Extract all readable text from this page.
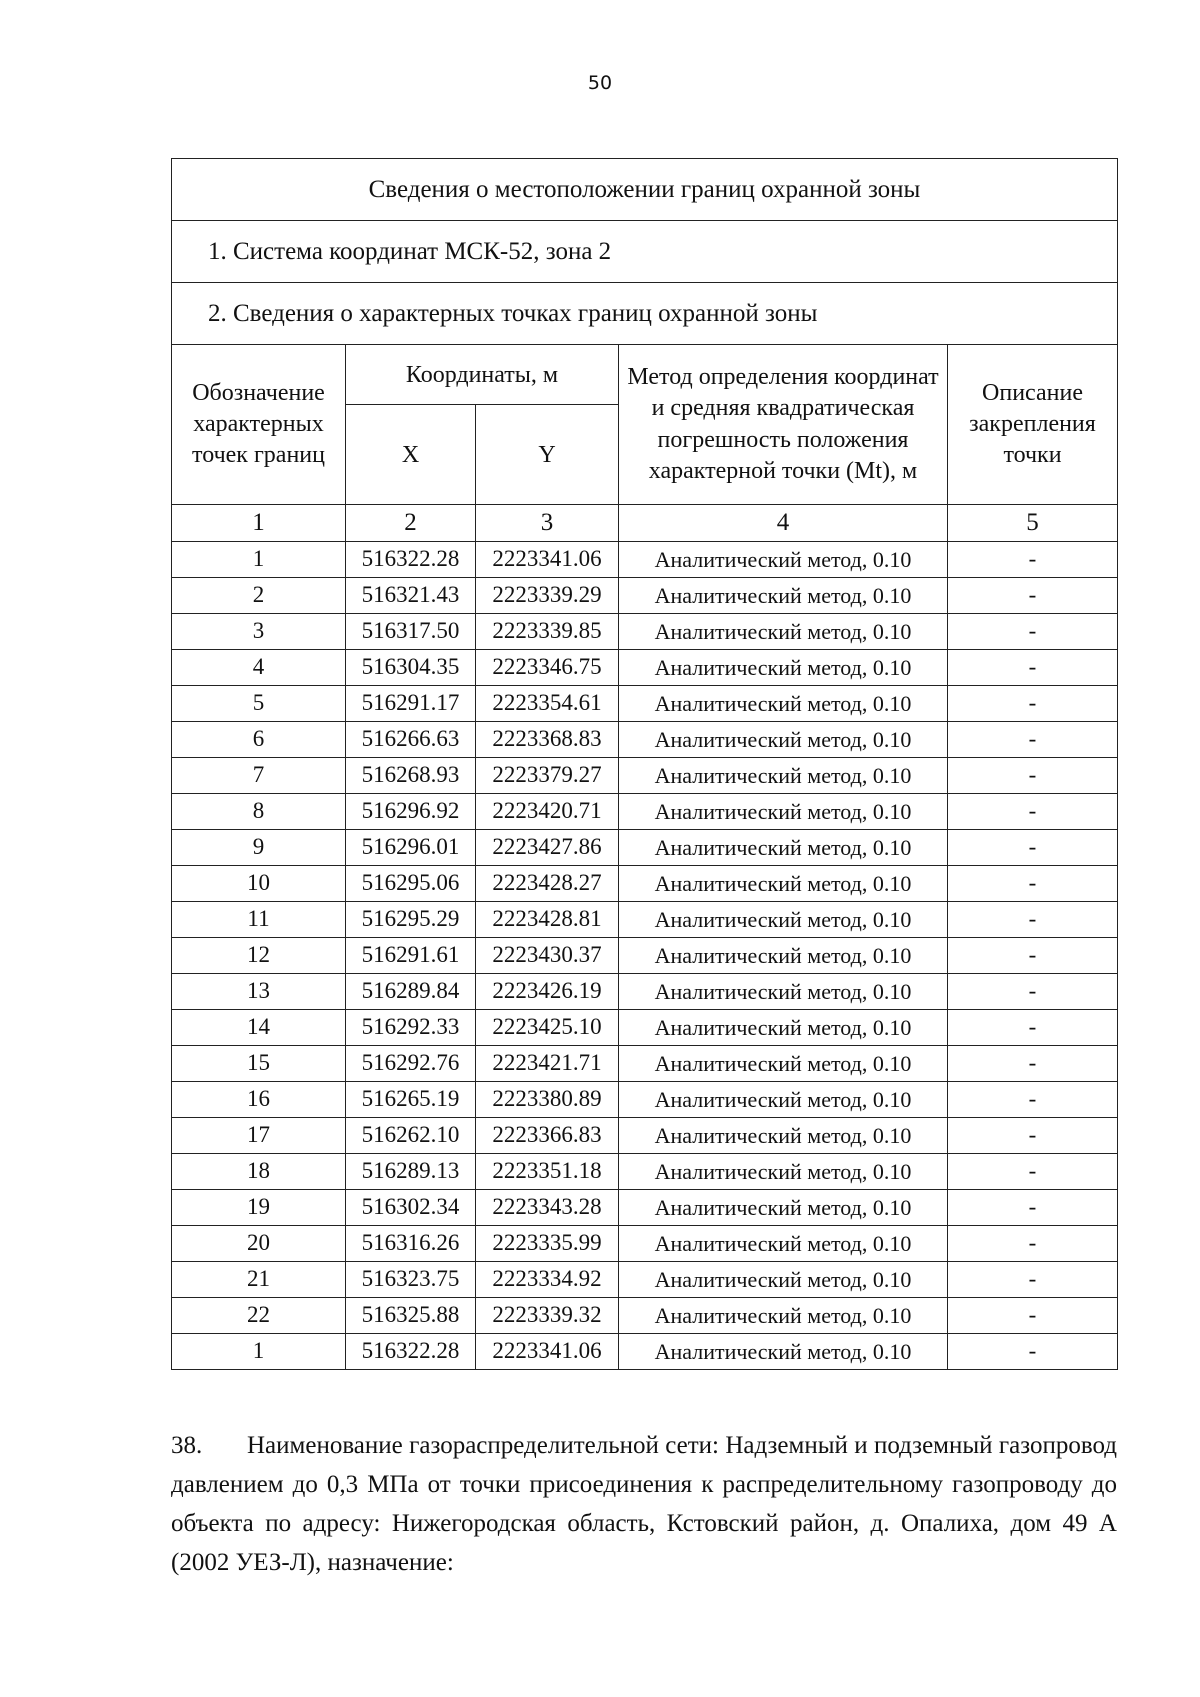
50
Сведения о местоположении границ охранной зоны				
1. Система координат МСК-52, зона 2				
2. Сведения о характерных точках границ охранной зоны				
Обозначение характерных точек границ	Координаты, м		Метод определения координат и средняя квадратическая погрешность положения характерной точки (Mt), м	Описание закрепления точки
	X	Y		
1	2	3	4	5
1	516322.28	2223341.06	Аналитический метод, 0.10	-
2	516321.43	2223339.29	Аналитический метод, 0.10	-
3	516317.50	2223339.85	Аналитический метод, 0.10	-
4	516304.35	2223346.75	Аналитический метод, 0.10	-
5	516291.17	2223354.61	Аналитический метод, 0.10	-
6	516266.63	2223368.83	Аналитический метод, 0.10	-
7	516268.93	2223379.27	Аналитический метод, 0.10	-
8	516296.92	2223420.71	Аналитический метод, 0.10	-
9	516296.01	2223427.86	Аналитический метод, 0.10	-
10	516295.06	2223428.27	Аналитический метод, 0.10	-
11	516295.29	2223428.81	Аналитический метод, 0.10	-
12	516291.61	2223430.37	Аналитический метод, 0.10	-
13	516289.84	2223426.19	Аналитический метод, 0.10	-
14	516292.33	2223425.10	Аналитический метод, 0.10	-
15	516292.76	2223421.71	Аналитический метод, 0.10	-
16	516265.19	2223380.89	Аналитический метод, 0.10	-
17	516262.10	2223366.83	Аналитический метод, 0.10	-
18	516289.13	2223351.18	Аналитический метод, 0.10	-
19	516302.34	2223343.28	Аналитический метод, 0.10	-
20	516316.26	2223335.99	Аналитический метод, 0.10	-
21	516323.75	2223334.92	Аналитический метод, 0.10	-
22	516325.88	2223339.32	Аналитический метод, 0.10	-
1	516322.28	2223341.06	Аналитический метод, 0.10	-
38. Наименование газораспределительной сети: Надземный и подземный газопровод давлением до 0,3 МПа от точки присоединения к распределительному газопроводу до объекта по адресу: Нижегородская область, Кстовский район, д. Опалиха, дом 49 А (2002 УЕЗ-Л), назначение:
